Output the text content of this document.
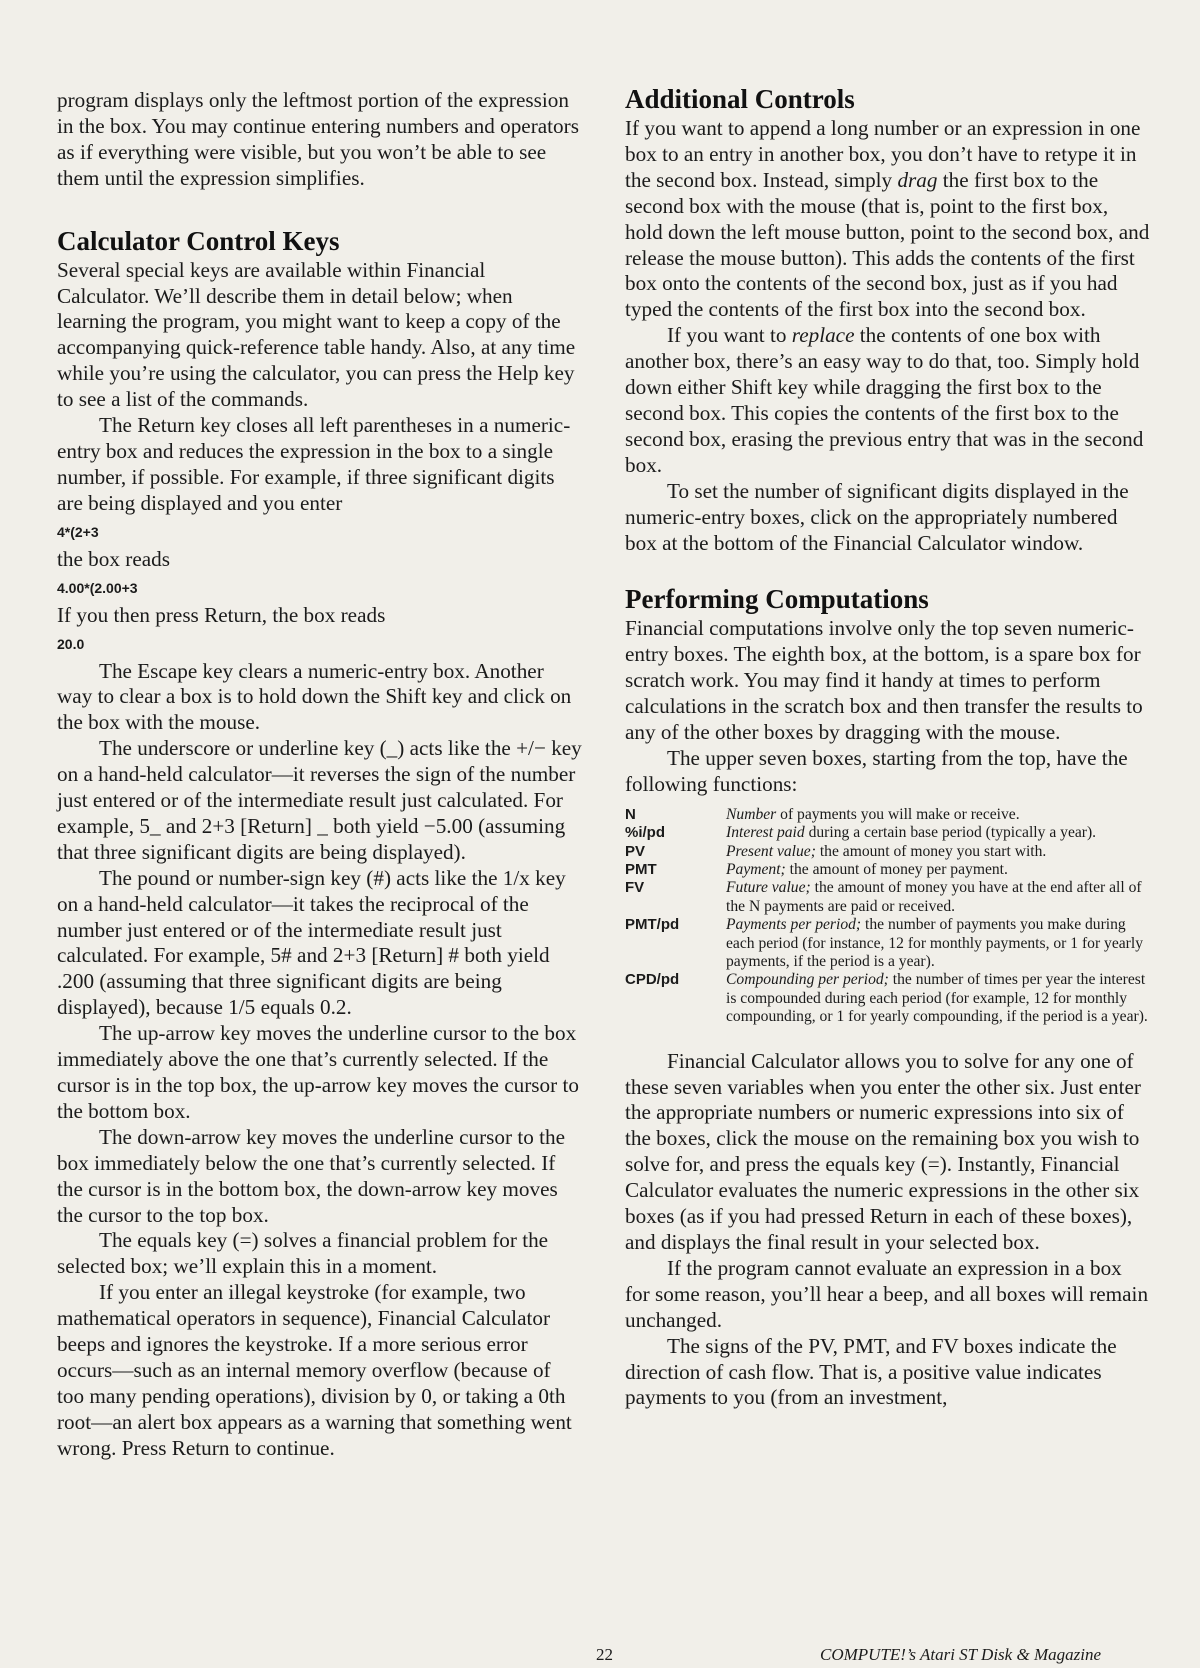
program displays only the leftmost portion of the expression in the box. You may continue entering numbers and operators as if everything were visible, but you won’t be able to see them until the expression simplifies.

Calculator Control Keys

Several special keys are available within Financial Calculator. We’ll describe them in detail below; when learning the program, you might want to keep a copy of the accompanying quick-reference table handy. Also, at any time while you’re using the calculator, you can press the Help key to see a list of the commands.

The Return key closes all left parentheses in a numeric-entry box and reduces the expression in the box to a single number, if possible. For example, if three significant digits are being displayed and you enter

4*(2+3

the box reads

4.00*(2.00+3

If you then press Return, the box reads

20.0

The Escape key clears a numeric-entry box. Another way to clear a box is to hold down the Shift key and click on the box with the mouse.

The underscore or underline key (_) acts like the +/− key on a hand-held calculator—it reverses the sign of the number just entered or of the intermediate result just calculated. For example, 5_ and 2+3 [Return] _ both yield −5.00 (assuming that three significant digits are being displayed).

The pound or number-sign key (#) acts like the 1/x key on a hand-held calculator—it takes the reciprocal of the number just entered or of the intermediate result just calculated. For example, 5# and 2+3 [Return] # both yield .200 (assuming that three significant digits are being displayed), because 1/5 equals 0.2.

The up-arrow key moves the underline cursor to the box immediately above the one that’s currently selected. If the cursor is in the top box, the up-arrow key moves the cursor to the bottom box.

The down-arrow key moves the underline cursor to the box immediately below the one that’s currently selected. If the cursor is in the bottom box, the down-arrow key moves the cursor to the top box.

The equals key (=) solves a financial problem for the selected box; we’ll explain this in a moment.

If you enter an illegal keystroke (for example, two mathematical operators in sequence), Financial Calculator beeps and ignores the keystroke. If a more serious error occurs—such as an internal memory overflow (because of too many pending operations), division by 0, or taking a 0th root—an alert box appears as a warning that something went wrong. Press Return to continue.

Additional Controls

If you want to append a long number or an expression in one box to an entry in another box, you don’t have to retype it in the second box. Instead, simply drag the first box to the second box with the mouse (that is, point to the first box, hold down the left mouse button, point to the second box, and release the mouse button). This adds the contents of the first box onto the contents of the second box, just as if you had typed the contents of the first box into the second box.

If you want to replace the contents of one box with another box, there’s an easy way to do that, too. Simply hold down either Shift key while dragging the first box to the second box. This copies the contents of the first box to the second box, erasing the previous entry that was in the second box.

To set the number of significant digits displayed in the numeric-entry boxes, click on the appropriately numbered box at the bottom of the Financial Calculator window.

Performing Computations

Financial computations involve only the top seven numeric-entry boxes. The eighth box, at the bottom, is a spare box for scratch work. You may find it handy at times to perform calculations in the scratch box and then transfer the results to any of the other boxes by dragging with the mouse.

The upper seven boxes, starting from the top, have the following functions:

N	Number of payments you will make or receive.
%i/pd	Interest paid during a certain base period (typically a year).
PV	Present value; the amount of money you start with.
PMT	Payment; the amount of money per payment.
FV	Future value; the amount of money you have at the end after all of the N payments are paid or received.
PMT/pd	Payments per period; the number of payments you make during each period (for instance, 12 for monthly payments, or 1 for yearly payments, if the period is a year).
CPD/pd	Compounding per period; the number of times per year the interest is compounded during each period (for example, 12 for monthly compounding, or 1 for yearly compounding, if the period is a year).

Financial Calculator allows you to solve for any one of these seven variables when you enter the other six. Just enter the appropriate numbers or numeric expressions into six of the boxes, click the mouse on the remaining box you wish to solve for, and press the equals key (=). Instantly, Financial Calculator evaluates the numeric expressions in the other six boxes (as if you had pressed Return in each of these boxes), and displays the final result in your selected box.

If the program cannot evaluate an expression in a box for some reason, you’ll hear a beep, and all boxes will remain unchanged.

The signs of the PV, PMT, and FV boxes indicate the direction of cash flow. That is, a positive value indicates payments to you (from an investment,

22	COMPUTE!’s Atari ST Disk & Magazine
